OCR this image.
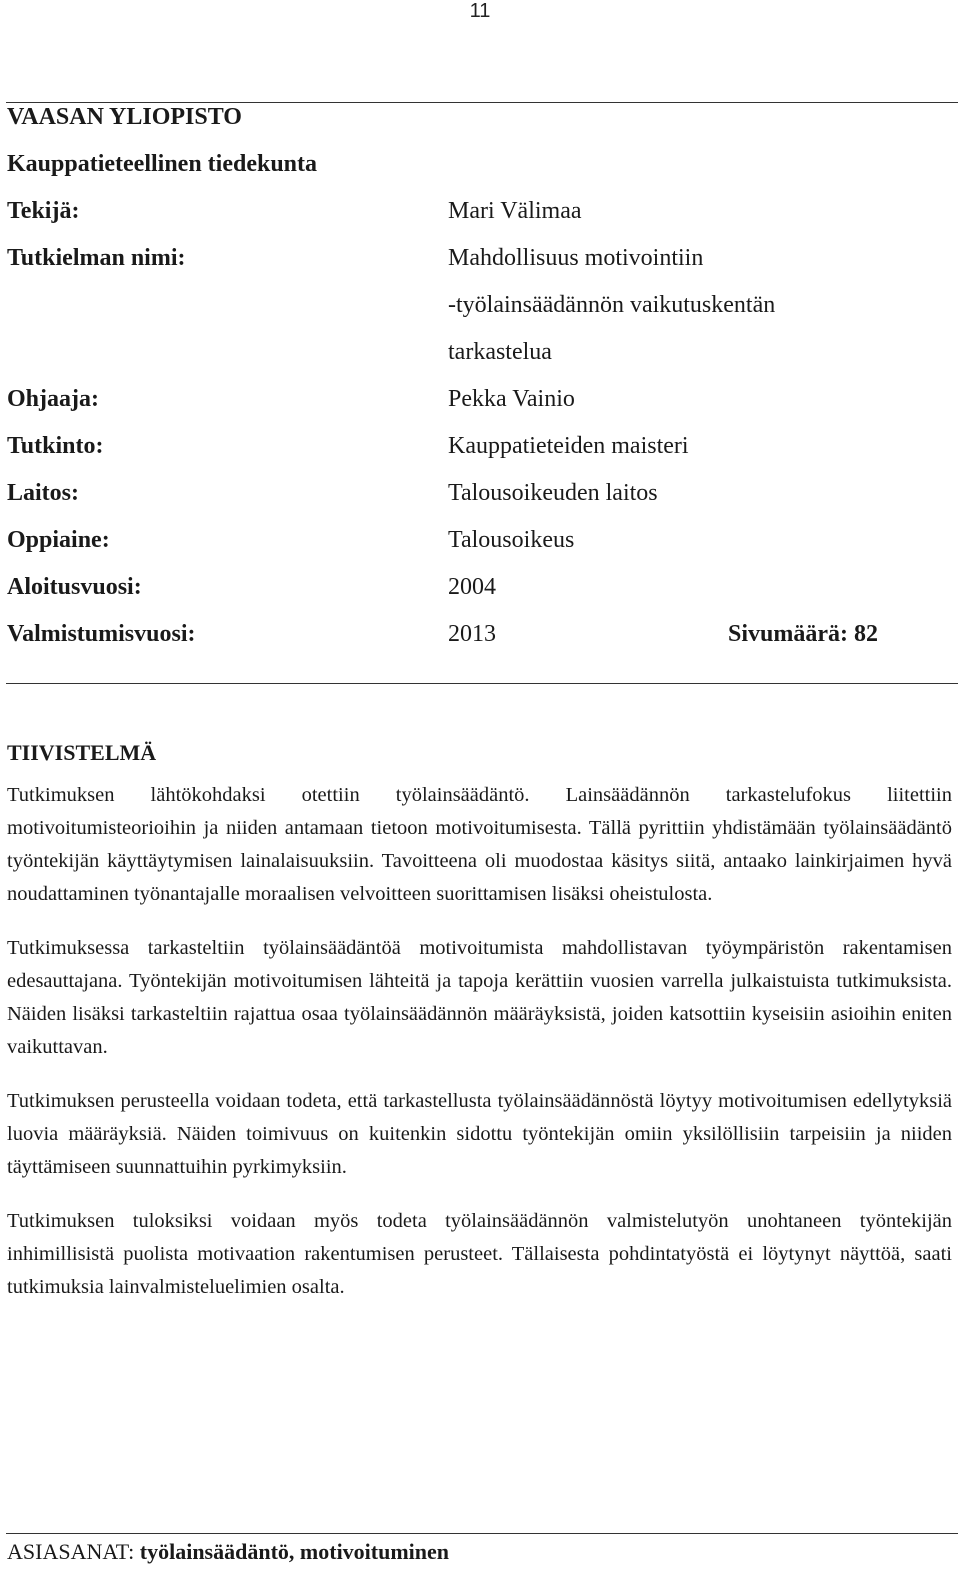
11
VAASAN YLIOPISTO
Kauppatieteellinen tiedekunta
Tekijä:	Mari Välimaa
Tutkielman nimi:	Mahdollisuus motivointiin
-työlainsäädännön vaikutuskentän
tarkastelua
Ohjaaja:	Pekka Vainio
Tutkinto:	Kauppatieteiden maisteri
Laitos:	Talousoikeuden laitos
Oppiaine:	Talousoikeus
Aloitusvuosi:	2004
Valmistumisvuosi:	2013	Sivumäärä: 82
TIIVISTELMÄ

Tutkimuksen lähtökohdaksi otettiin työlainsäädäntö. Lainsäädännön tarkastelufokus liitettiin motivoitumisteorioihin ja niiden antamaan tietoon motivoitumisesta. Tällä pyrittiin yhdistämään työlainsäädäntö työntekijän käyttäytymisen lainalaisuuksiin. Tavoitteena oli muodostaa käsitys siitä, antaako lainkirjaimen hyvä noudattaminen työnantajalle moraalisen velvoitteen suorittamisen lisäksi oheistulosta.

Tutkimuksessa tarkasteltiin työlainsäädäntöä motivoitumista mahdollistavan työympäristön rakentamisen edesauttajana. Työntekijän motivoitumisen lähteitä ja tapoja kerättiin vuosien varrella julkaistuista tutkimuksista. Näiden lisäksi tarkasteltiin rajattua osaa työlainsäädännön määräyksistä, joiden katsottiin kyseisiin asioihin eniten vaikuttavan.

Tutkimuksen perusteella voidaan todeta, että tarkastellusta työlainsäädännöstä löytyy motivoitumisen edellytyksiä luovia määräyksiä. Näiden toimivuus on kuitenkin sidottu työntekijän omiin yksilöllisiin tarpeisiin ja niiden täyttämiseen suunnattuihin pyrkimyksiin.

Tutkimuksen tuloksiksi voidaan myös todeta työlainsäädännön valmistelutyön unohtaneen työntekijän inhimillisistä puolista motivaation rakentumisen perusteet. Tällaisesta pohdintatyöstä ei löytynyt näyttöä, saati tutkimuksia lainvalmisteluelimien osalta.

ASIASANAT: työlainsäädäntö, motivoituminen
